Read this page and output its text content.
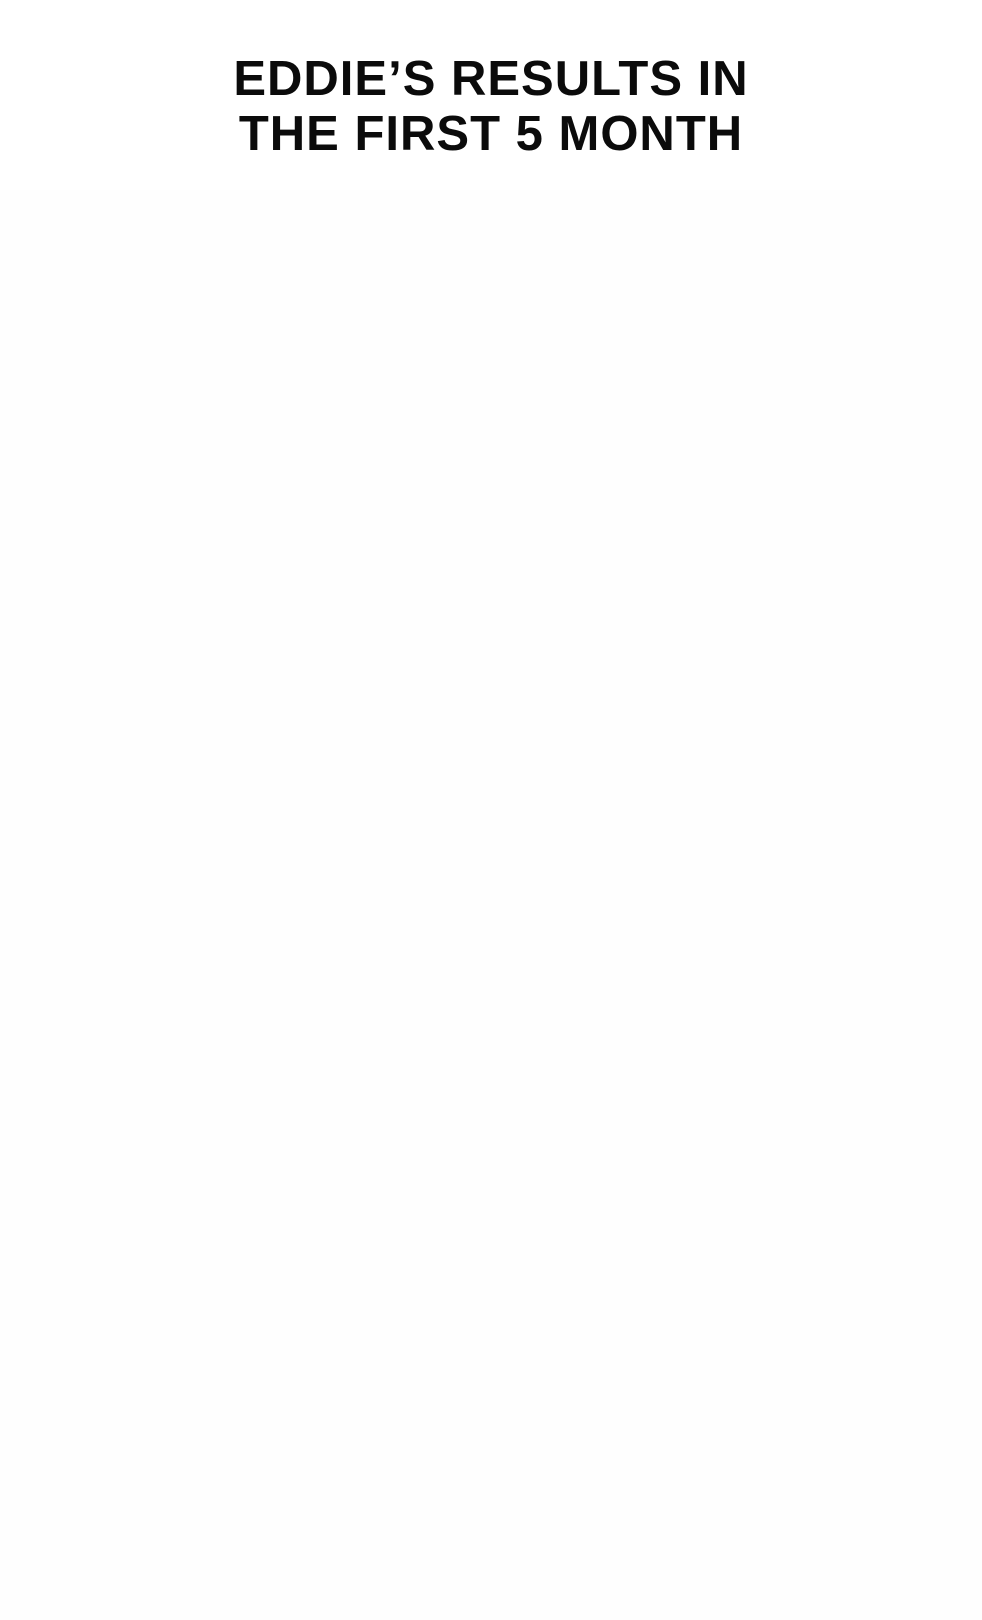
EDDIE’S RESULTS IN
THE FIRST 5 MONTH
